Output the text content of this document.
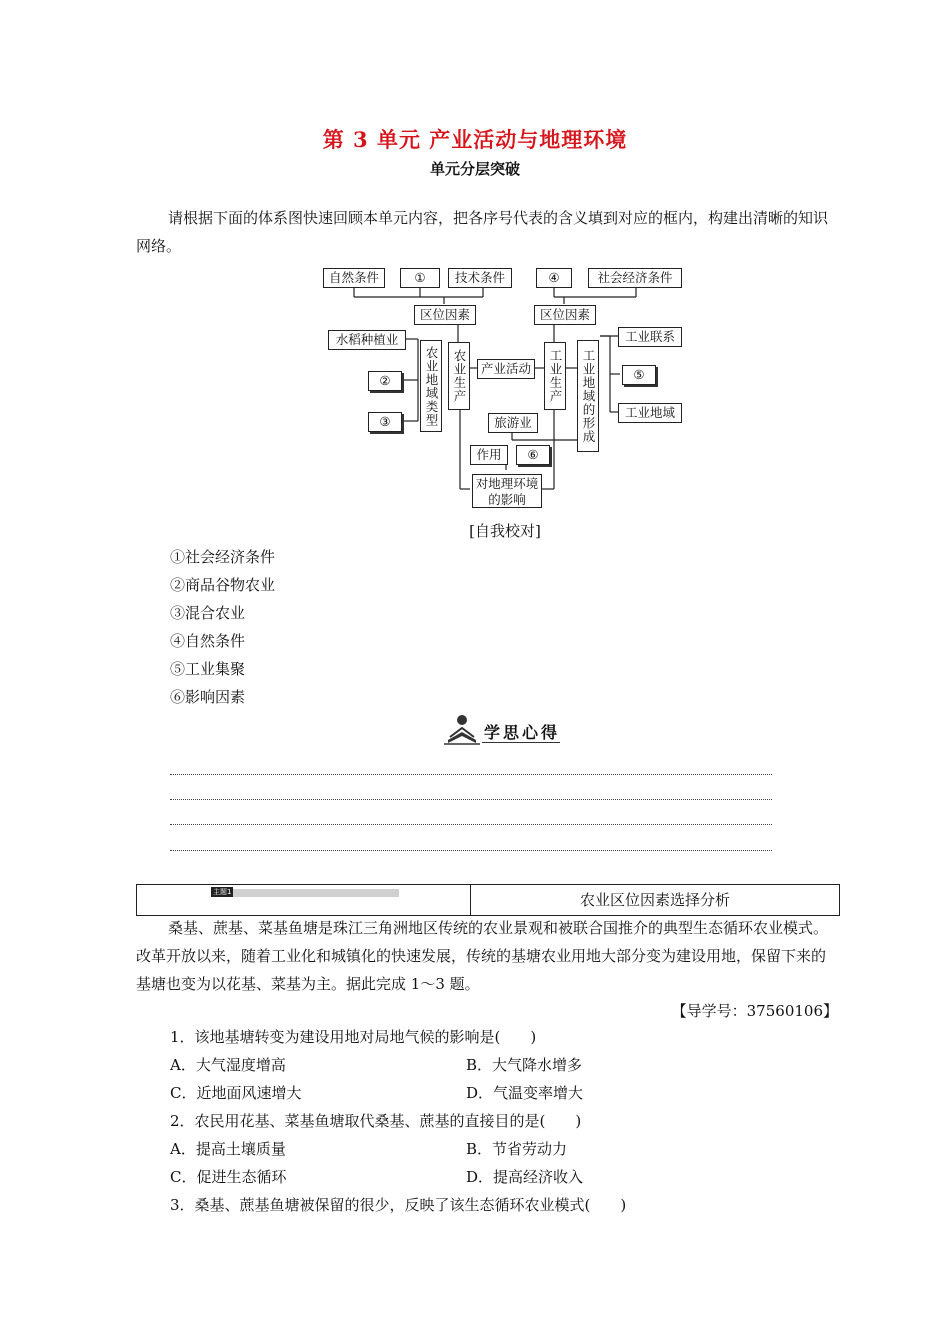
第 3 单元 产业活动与地理环境
单元分层突破
请根据下面的体系图快速回顾本单元内容，把各序号代表的含义填到对应的框内，构建出清晰的知识网络。
自然条件	①	技术条件	④	社会经济条件
区位因素	区位因素
水稻种植业
②
③	农业地域类型	农业生产	产业活动	工业生产	工业地域的形成
工业联系
⑤
工业地域
旅游业
作用	⑥
对地理环境的影响
[自我校对]
①社会经济条件
②商品谷物农业
③混合农业
④自然条件
⑤工业集聚
⑥影响因素
学思心得
主题1	农业区位因素选择分析
桑基、蔗基、菜基鱼塘是珠江三角洲地区传统的农业景观和被联合国推介的典型生态循环农业模式。改革开放以来，随着工业化和城镇化的快速发展，传统的基塘农业用地大部分变为建设用地，保留下来的基塘也变为以花基、菜基为主。据此完成 1～3 题。
【导学号：37560106】
1．该地基塘转变为建设用地对局地气候的影响是(　　)
A．大气湿度增高	B．大气降水增多
C．近地面风速增大	D．气温变率增大
2．农民用花基、菜基鱼塘取代桑基、蔗基的直接目的是(　　)
A．提高土壤质量	B．节省劳动力
C．促进生态循环	D．提高经济收入
3．桑基、蔗基鱼塘被保留的很少，反映了该生态循环农业模式(　　)
